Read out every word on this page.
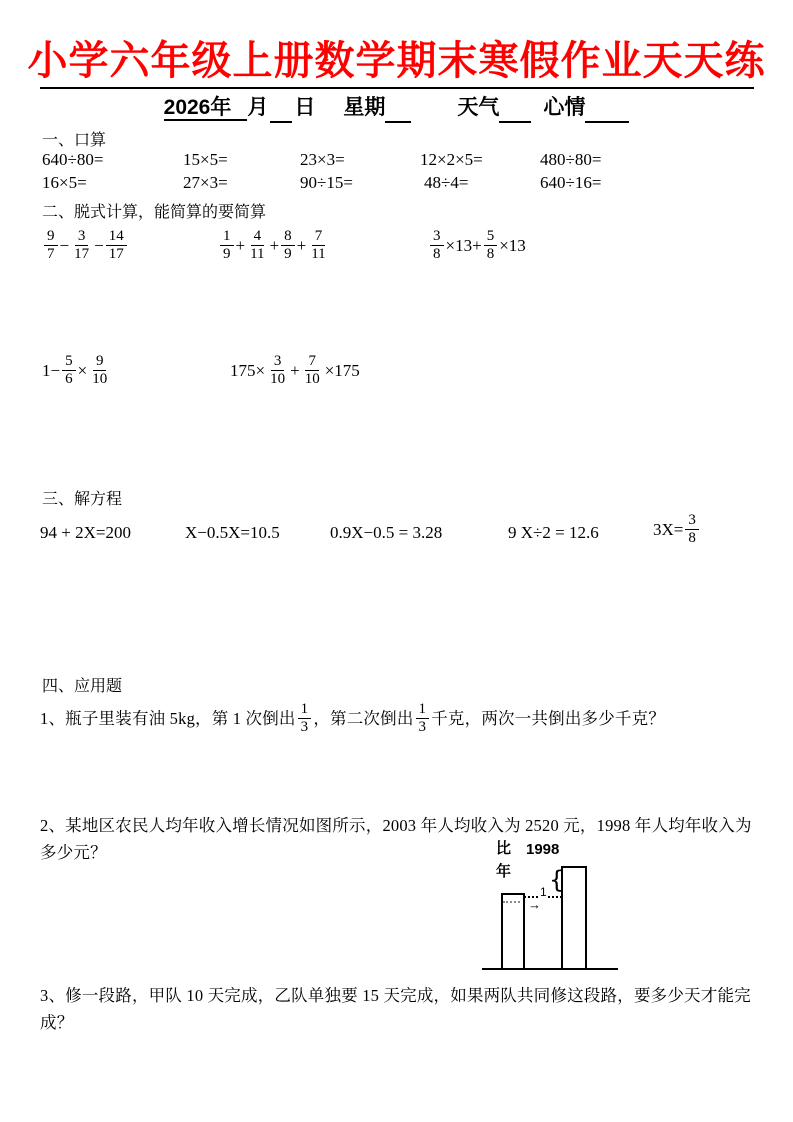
小学六年级上册数学期末寒假作业天天练
2026年 月 日 星期	天气 心情
一、口算
640÷80=	15×5=	23×3=	12×2×5=	480÷80=
16×5=	27×3=	90÷15=	48÷4=	640÷16=
二、脱式计算，能简算的要简算
$\frac{9}{7} - \frac{3}{17} - \frac{14}{17}$	$\frac{1}{9} + \frac{4}{11} + \frac{8}{9} + \frac{7}{11}$	$\frac{3}{8} \times 13+ \frac{5}{8} \times 13$
$1- \frac{5}{6} \times \frac{9}{10}$	$175\times \frac{3}{10} + \frac{7}{10} \times 175$
三、解方程
94 + 2X=200	X−0.5X=10.5	0.9X−0.5 = 3.28	9 X÷2 = 12.6	$3X= \frac{3}{8}$
四、应用题
1、瓶子里装有油 5kg，第 1 次倒出 $\frac{1}{3}$ ，第二次倒出 $\frac{1}{3}$ 千克，两次一共倒出多少千克？
2、某地区农民人均年收入增长情况如图所示，2003 年人均收入为 2520 元，1998 年人均年收入为多少元？	比 1998
年
1
→
{
3、修一段路，甲队 10 天完成，乙队单独要 15 天完成，如果两队共同修这段路，要多少天才能完成？
